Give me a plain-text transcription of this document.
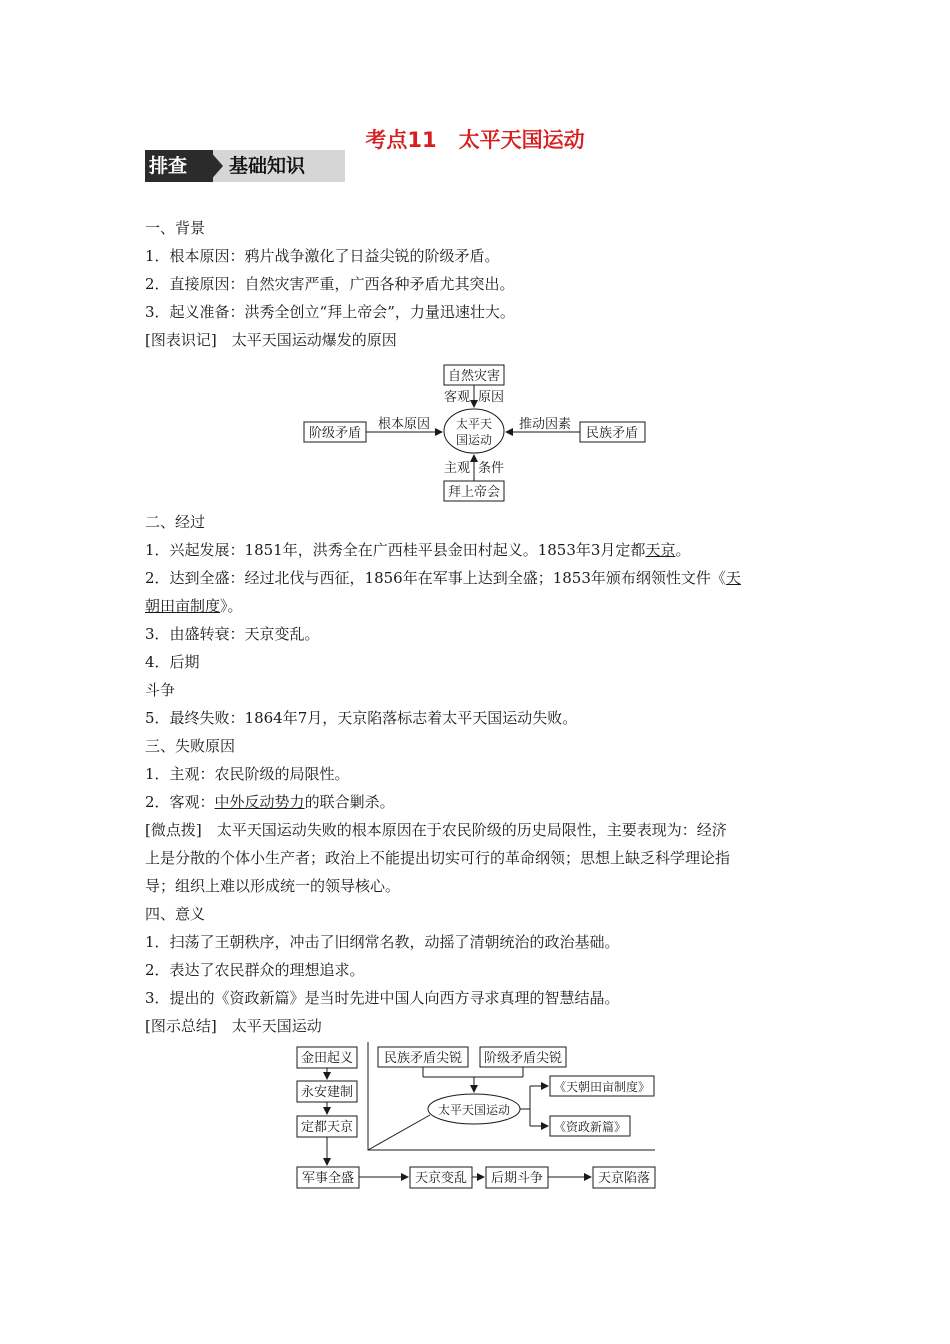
考点11 太平天国运动
排查	基础知识
一、背景
1．根本原因：鸦片战争激化了日益尖锐的阶级矛盾。
2．直接原因：自然灾害严重，广西各种矛盾尤其突出。
3．起义准备：洪秀全创立“拜上帝会”，力量迅速壮大。
[图表识记]　太平天国运动爆发的原因
自然灾害
阶级矛盾	民族矛盾
拜上帝会
客观 原因
根本原因	推动因素
主观 条件
太平天
国运动
二、经过
1．兴起发展：1851年，洪秀全在广西桂平县金田村起义。1853年3月定都天京。
2．达到全盛：经过北伐与西征，1856年在军事上达到全盛；1853年颁布纲领性文件《天
朝田亩制度》。
3．由盛转衰：天京变乱。
4．后期
斗争
5．最终失败：1864年7月，天京陷落标志着太平天国运动失败。
三、失败原因
1．主观：农民阶级的局限性。
2．客观：中外反动势力的联合剿杀。
[微点拨]　太平天国运动失败的根本原因在于农民阶级的历史局限性，主要表现为：经济
上是分散的个体小生产者；政治上不能提出切实可行的革命纲领；思想上缺乏科学理论指
导；组织上难以形成统一的领导核心。
四、意义
1．扫荡了王朝秩序，冲击了旧纲常名教，动摇了清朝统治的政治基础。
2．表达了农民群众的理想追求。
3．提出的《资政新篇》是当时先进中国人向西方寻求真理的智慧结晶。
[图示总结]　太平天国运动
金田起义
永安建制
定都天京
军事全盛	天京变乱 后期斗争	天京陷落
民族矛盾尖锐 阶级矛盾尖锐
太平天国运动
《天朝田亩制度》
《资政新篇》
